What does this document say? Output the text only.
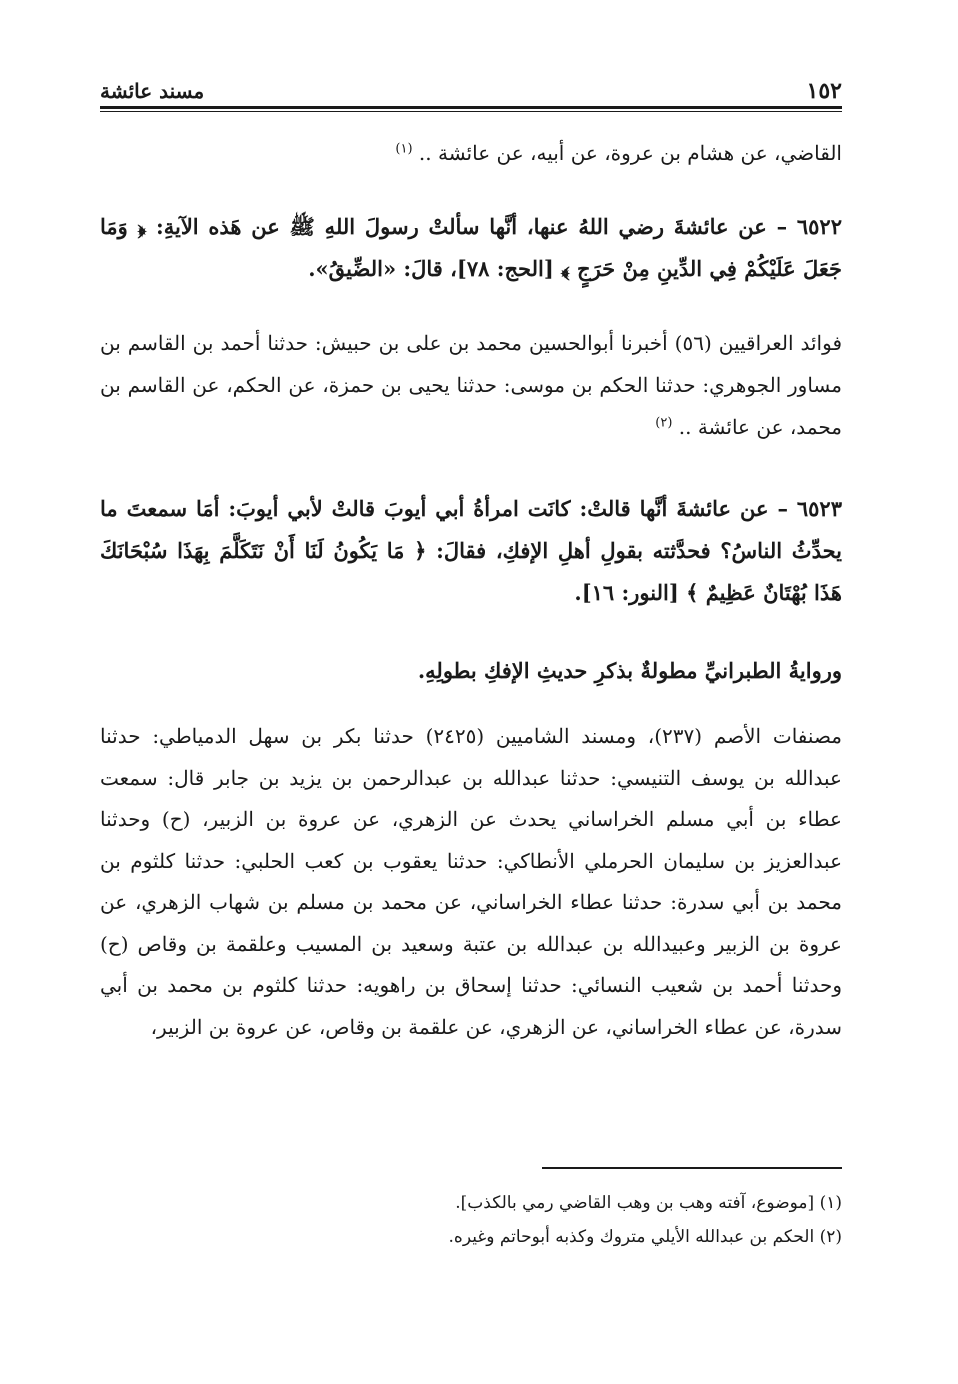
١٥٢
مسند عائشة

القاضي، عن هشام بن عروة، عن أبيه، عن عائشة .. $^{(١)}$

٦٥٢٢ – عن عائشةَ رضي اللهُ عنها، أنَّها سألتْ رسولَ اللهِ ﷺ عن هَذه الآيةِ: ﴿ وَمَا جَعَلَ عَلَيْكُمْ فِي الدِّينِ مِنْ حَرَجٍ ﴾ [الحج: ٧٨]، قالَ: «الضِّيقُ».

فوائد العراقيين (٥٦) أخبرنا أبوالحسين محمد بن على بن حبيش: حدثنا أحمد بن القاسم بن مساور الجوهري: حدثنا الحكم بن موسى: حدثنا يحيى بن حمزة، عن الحكم، عن القاسم بن محمد، عن عائشة .. $^{(٢)}$

٦٥٢٣ – عن عائشةَ أنَّها قالتْ: كانَت امرأةُ أبي أيوبَ قالتْ لأبي أيوبَ: أمَا سمعتَ ما يحدِّثُ الناسُ؟ فحدَّثته بقولِ أهلِ الإفكِ، فقالَ: ﴿ مَا يَكُونُ لَنَا أَنْ نَتَكَلَّمَ بِهَذَا سُبْحَانَكَ هَذَا بُهْتَانٌ عَظِيمٌ ﴾ [النور: ١٦].

وروايةُ الطبرانيِّ مطولةٌ بذكرِ حديثِ الإفكِ بطولِهِ.

مصنفات الأصم (٢٣٧)، ومسند الشاميين (٢٤٢٥) حدثنا بكر بن سهل الدمياطي: حدثنا عبدالله بن يوسف التنيسي: حدثنا عبدالله بن عبدالرحمن بن يزيد بن جابر قال: سمعت عطاء بن أبي مسلم الخراساني يحدث عن الزهري، عن عروة بن الزبير، (ح) وحدثنا عبدالعزيز بن سليمان الحرملي الأنطاكي: حدثنا يعقوب بن كعب الحلبي: حدثنا كلثوم بن محمد بن أبي سدرة: حدثنا عطاء الخراساني، عن محمد بن مسلم بن شهاب الزهري، عن عروة بن الزبير وعبيدالله بن عبدالله بن عتبة وسعيد بن المسيب وعلقمة بن وقاص (ح) وحدثنا أحمد بن شعيب النسائي: حدثنا إسحاق بن راهويه: حدثنا كلثوم بن محمد بن أبي سدرة، عن عطاء الخراساني، عن الزهري، عن علقمة بن وقاص، عن عروة بن الزبير،

(١) [موضوع، آفته وهب بن وهب القاضي رمي بالكذب].
(٢) الحكم بن عبدالله الأيلي متروك وكذبه أبوحاتم وغيره.
